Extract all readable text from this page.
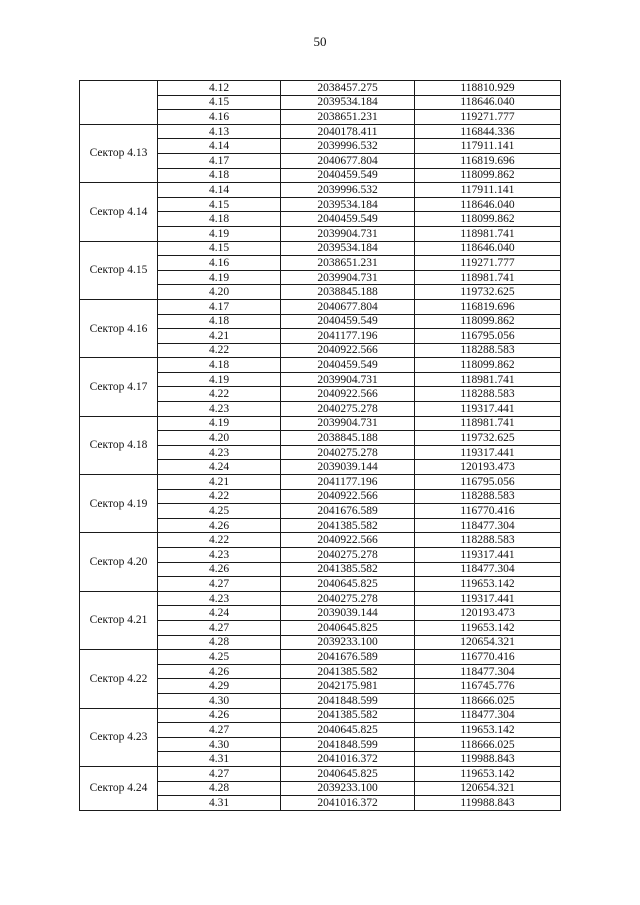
50
	4.12	2038457.275	118810.929
	4.15	2039534.184	118646.040
	4.16	2038651.231	119271.777
Сектор 4.13	4.13	2040178.411	116844.336
	4.14	2039996.532	117911.141
	4.17	2040677.804	116819.696
	4.18	2040459.549	118099.862
Сектор 4.14	4.14	2039996.532	117911.141
	4.15	2039534.184	118646.040
	4.18	2040459.549	118099.862
	4.19	2039904.731	118981.741
Сектор 4.15	4.15	2039534.184	118646.040
	4.16	2038651.231	119271.777
	4.19	2039904.731	118981.741
	4.20	2038845.188	119732.625
Сектор 4.16	4.17	2040677.804	116819.696
	4.18	2040459.549	118099.862
	4.21	2041177.196	116795.056
	4.22	2040922.566	118288.583
Сектор 4.17	4.18	2040459.549	118099.862
	4.19	2039904.731	118981.741
	4.22	2040922.566	118288.583
	4.23	2040275.278	119317.441
Сектор 4.18	4.19	2039904.731	118981.741
	4.20	2038845.188	119732.625
	4.23	2040275.278	119317.441
	4.24	2039039.144	120193.473
Сектор 4.19	4.21	2041177.196	116795.056
	4.22	2040922.566	118288.583
	4.25	2041676.589	116770.416
	4.26	2041385.582	118477.304
Сектор 4.20	4.22	2040922.566	118288.583
	4.23	2040275.278	119317.441
	4.26	2041385.582	118477.304
	4.27	2040645.825	119653.142
Сектор 4.21	4.23	2040275.278	119317.441
	4.24	2039039.144	120193.473
	4.27	2040645.825	119653.142
	4.28	2039233.100	120654.321
Сектор 4.22	4.25	2041676.589	116770.416
	4.26	2041385.582	118477.304
	4.29	2042175.981	116745.776
	4.30	2041848.599	118666.025
Сектор 4.23	4.26	2041385.582	118477.304
	4.27	2040645.825	119653.142
	4.30	2041848.599	118666.025
	4.31	2041016.372	119988.843
Сектор 4.24	4.27	2040645.825	119653.142
	4.28	2039233.100	120654.321
	4.31	2041016.372	119988.843
